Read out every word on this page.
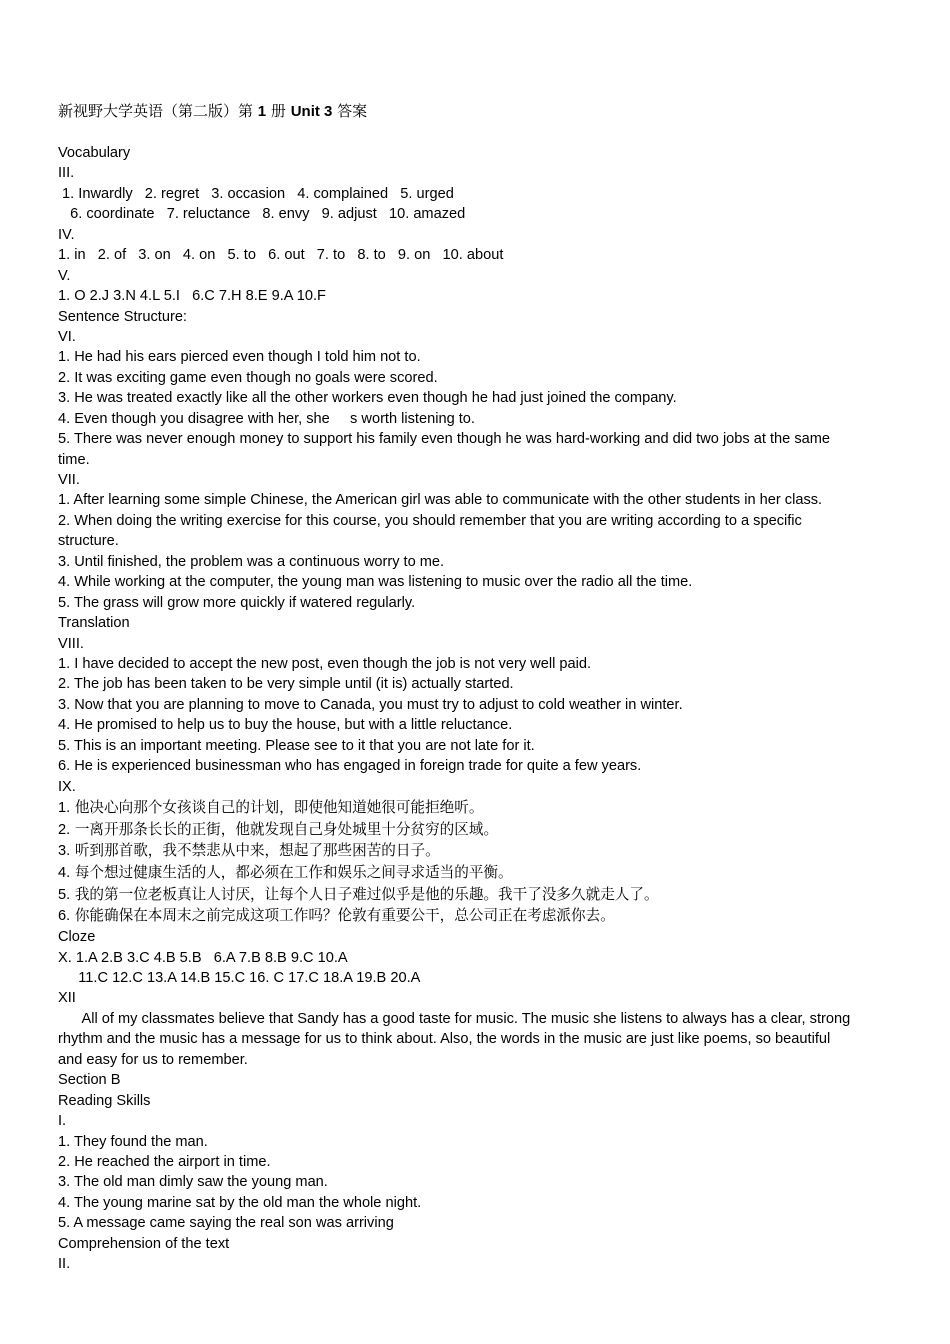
新视野大学英语（第二版）第 1 册 Unit 3 答案
Vocabulary
III.
1. Inwardly   2. regret   3. occasion   4. complained   5. urged
6. coordinate   7. reluctance   8. envy   9. adjust   10. amazed
IV.
1. in   2. of   3. on   4. on   5. to   6. out   7. to   8. to   9. on   10. about
V.
1. O 2.J 3.N 4.L 5.I   6.C 7.H 8.E 9.A 10.F
Sentence Structure:
VI.
1. He had his ears pierced even though I told him not to.
2. It was exciting game even though no goals were scored.
3. He was treated exactly like all the other workers even though he had just joined the company.
4. Even though you disagree with her, she     s worth listening to.
5. There was never enough money to support his family even though he was hard-working and did two jobs at the same
time.
VII.
1. After learning some simple Chinese, the American girl was able to communicate with the other students in her class.
2. When doing the writing exercise for this course, you should remember that you are writing according to a specific
structure.
3. Until finished, the problem was a continuous worry to me.
4. While working at the computer, the young man was listening to music over the radio all the time.
5. The grass will grow more quickly if watered regularly.
Translation
VIII.
1. I have decided to accept the new post, even though the job is not very well paid.
2. The job has been taken to be very simple until (it is) actually started.
3. Now that you are planning to move to Canada, you must try to adjust to cold weather in winter.
4. He promised to help us to buy the house, but with a little reluctance.
5. This is an important meeting. Please see to it that you are not late for it.
6. He is experienced businessman who has engaged in foreign trade for quite a few years.
IX.
1. 他决心向那个女孩谈自己的计划，即使他知道她很可能拒绝听。
2. 一离开那条长长的正街，他就发现自己身处城里十分贫穷的区域。
3. 听到那首歌，我不禁悲从中来，想起了那些困苦的日子。
4. 每个想过健康生活的人，都必须在工作和娱乐之间寻求适当的平衡。
5. 我的第一位老板真让人讨厌，让每个人日子难过似乎是他的乐趣。我干了没多久就走人了。
6. 你能确保在本周末之前完成这项工作吗？伦敦有重要公干，总公司正在考虑派你去。
Cloze
X. 1.A 2.B 3.C 4.B 5.B   6.A 7.B 8.B 9.C 10.A
11.C 12.C 13.A 14.B 15.C 16. C 17.C 18.A 19.B 20.A
XII
All of my classmates believe that Sandy has a good taste for music. The music she listens to always has a clear, strong
rhythm and the music has a message for us to think about. Also, the words in the music are just like poems, so beautiful
and easy for us to remember.
Section B
Reading Skills
I.
1. They found the man.
2. He reached the airport in time.
3. The old man dimly saw the young man.
4. The young marine sat by the old man the whole night.
5. A message came saying the real son was arriving
Comprehension of the text
II.
